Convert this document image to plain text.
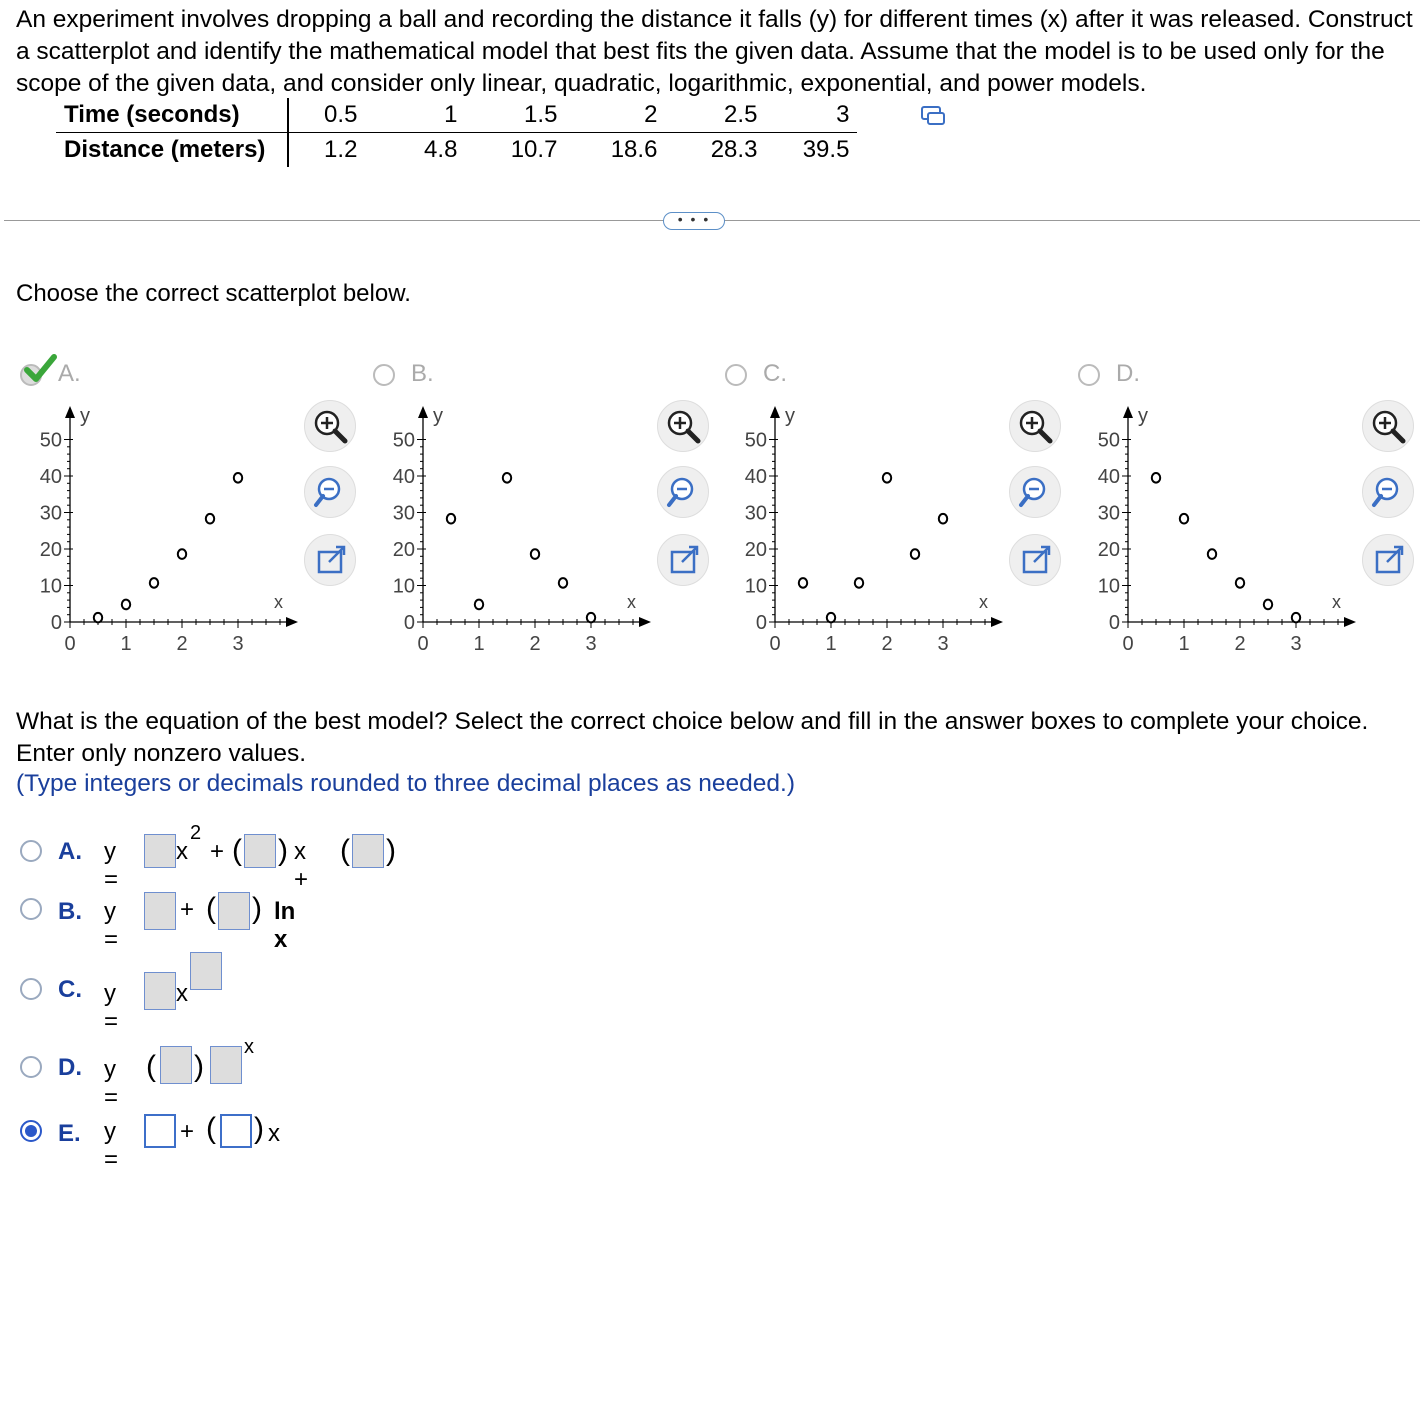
An experiment involves dropping a ball and recording the distance it falls (y) for different times (x) after it was released. Construct a scatterplot and identify the mathematical model that best fits the given data. Assume that the model is to be used only for the scope of the given data, and consider only linear, quadratic, logarithmic, exponential, and power models.
Time (seconds)	0.5	1	1.5	2	2.5	3
Distance (meters)	1.2	4.8	10.7	18.6	28.3	39.5
• • •
Choose the correct scatterplot below.
A.	B.	C.	D.
50
40
30
20
10
0
0 1 2 3
y
x
50
40
30
20
10
0
0 1 2 3
y
x
50
40
30
20
10
0
0 1 2 3
y
x
50
40
30
20
10
0
0 1 2 3
y
x
What is the equation of the best model? Select the correct choice below and fill in the answer boxes to complete your choice. Enter only nonzero values.
(Type integers or decimals rounded to three decimal places as needed.)
A. y =
x
2
+ ( ) x +
( )
B. y =
+ ( ) ln x
C. y =
x
D. y =
( )
x
E. y =
+ ( ) x
